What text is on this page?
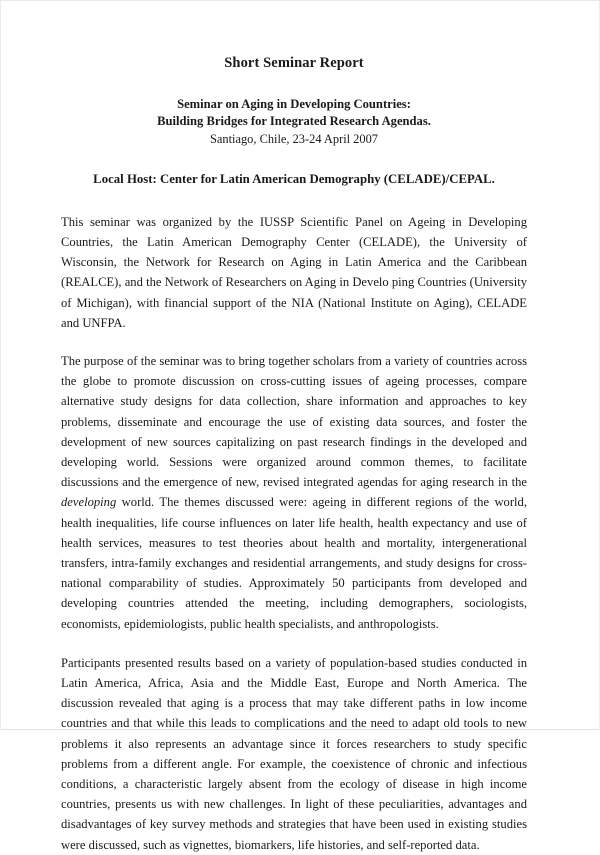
Short Seminar Report
Seminar on Aging in Developing Countries:
Building Bridges for Integrated Research Agendas.
Santiago, Chile, 23-24 April 2007
Local Host: Center for Latin American Demography (CELADE)/CEPAL.

This seminar was organized by the IUSSP Scientific Panel on Ageing in Developing Countries, the Latin American Demography Center (CELADE), the University of Wisconsin, the Network for Research on Aging in Latin America and the Caribbean (REALCE), and the Network of Researchers on Aging in Develo ping Countries (University of Michigan), with financial support of the NIA (National Institute on Aging), CELADE and UNFPA.

The purpose of the seminar was to bring together scholars from a variety of countries across the globe to promote discussion on cross-cutting issues of ageing processes, compare alternative study designs for data collection, share information and approaches to key problems, disseminate and encourage the use of existing data sources, and foster the development of new sources capitalizing on past research findings in the developed and developing world. Sessions were organized around common themes, to facilitate discussions and the emergence of new, revised integrated agendas for aging research in the developing world. The themes discussed were: ageing in different regions of the world, health inequalities, life course influences on later life health, health expectancy and use of health services, measures to test theories about health and mortality, intergenerational transfers, intra-family exchanges and residential arrangements, and study designs for cross-national comparability of studies. Approximately 50 participants from developed and developing countries attended the meeting, including demographers, sociologists, economists, epidemiologists, public health specialists, and anthropologists.

Participants presented results based on a variety of population-based studies conducted in Latin America, Africa, Asia and the Middle East, Europe and North America. The discussion revealed that aging is a process that may take different paths in low income countries and that while this leads to complications and the need to adapt old tools to new problems it also represents an advantage since it forces researchers to study specific problems from a different angle. For example, the coexistence of chronic and infectious conditions, a characteristic largely absent from the ecology of disease in high income countries, presents us with new challenges. In light of these peculiarities, advantages and disadvantages of key survey methods and strategies that have been used in existing studies were discussed, such as vignettes, biomarkers, life histories, and self-reported data.
